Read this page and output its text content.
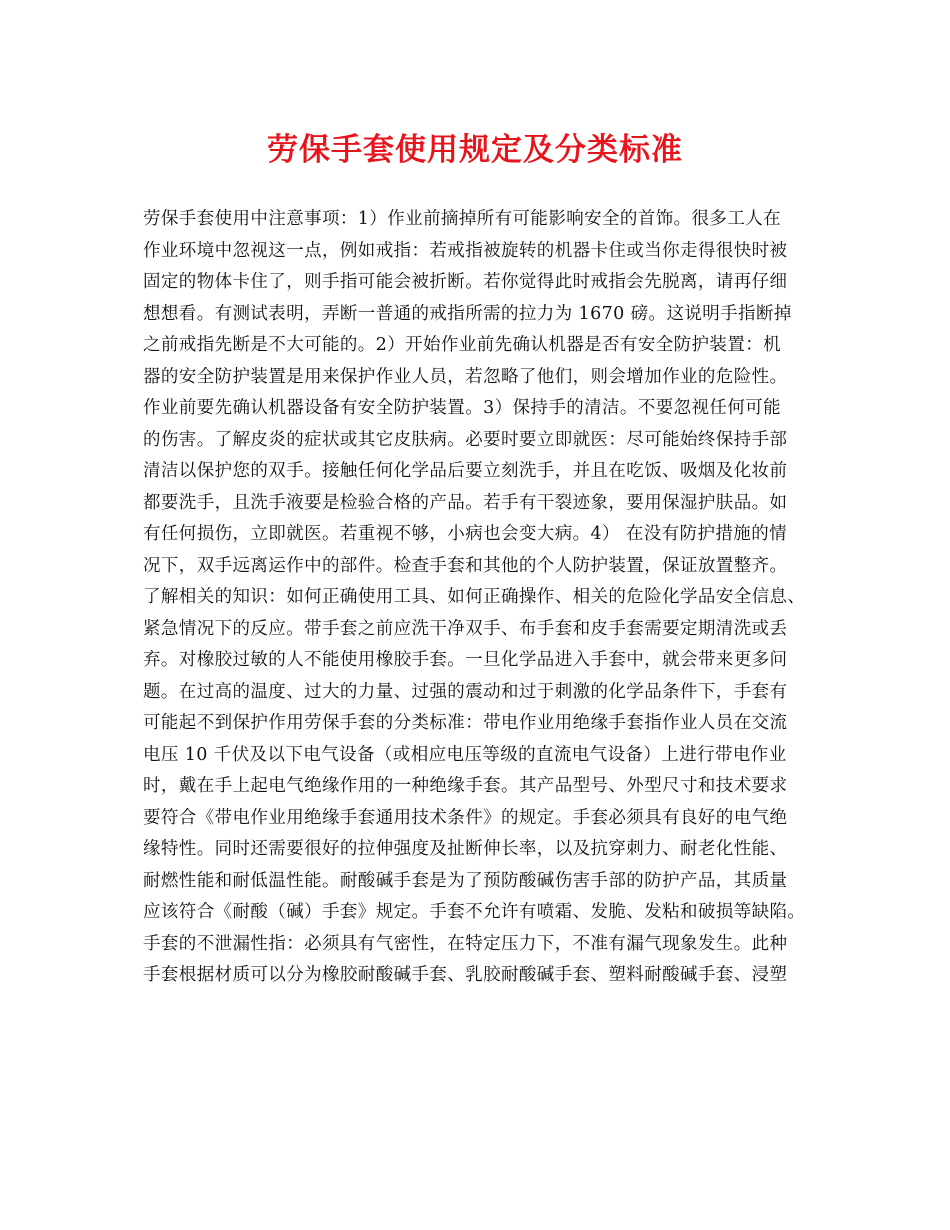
劳保手套使用规定及分类标准
劳保手套使用中注意事项：1）作业前摘掉所有可能影响安全的首饰。很多工人在
作业环境中忽视这一点，例如戒指：若戒指被旋转的机器卡住或当你走得很快时被
固定的物体卡住了，则手指可能会被折断。若你觉得此时戒指会先脱离，请再仔细
想想看。有测试表明，弄断一普通的戒指所需的拉力为 1670 磅。这说明手指断掉
之前戒指先断是不大可能的。2）开始作业前先确认机器是否有安全防护装置：机
器的安全防护装置是用来保护作业人员，若忽略了他们，则会增加作业的危险性。
作业前要先确认机器设备有安全防护装置。3）保持手的清洁。不要忽视任何可能
的伤害。了解皮炎的症状或其它皮肤病。必要时要立即就医：尽可能始终保持手部
清洁以保护您的双手。接触任何化学品后要立刻洗手，并且在吃饭、吸烟及化妆前
都要洗手，且洗手液要是检验合格的产品。若手有干裂迹象，要用保湿护肤品。如
有任何损伤，立即就医。若重视不够，小病也会变大病。4） 在没有防护措施的情
况下，双手远离运作中的部件。检查手套和其他的个人防护装置，保证放置整齐。
了解相关的知识：如何正确使用工具、如何正确操作、相关的危险化学品安全信息、
紧急情况下的反应。带手套之前应洗干净双手、布手套和皮手套需要定期清洗或丢
弃。对橡胶过敏的人不能使用橡胶手套。一旦化学品进入手套中，就会带来更多问
题。在过高的温度、过大的力量、过强的震动和过于刺激的化学品条件下，手套有
可能起不到保护作用劳保手套的分类标准：带电作业用绝缘手套指作业人员在交流
电压 10 千伏及以下电气设备（或相应电压等级的直流电气设备）上进行带电作业
时，戴在手上起电气绝缘作用的一种绝缘手套。其产品型号、外型尺寸和技术要求
要符合《带电作业用绝缘手套通用技术条件》的规定。手套必须具有良好的电气绝
缘特性。同时还需要很好的拉伸强度及扯断伸长率，以及抗穿刺力、耐老化性能、
耐燃性能和耐低温性能。耐酸碱手套是为了预防酸碱伤害手部的防护产品，其质量
应该符合《耐酸（碱）手套》规定。手套不允许有喷霜、发脆、发粘和破损等缺陷。
手套的不泄漏性指：必须具有气密性，在特定压力下，不准有漏气现象发生。此种
手套根据材质可以分为橡胶耐酸碱手套、乳胶耐酸碱手套、塑料耐酸碱手套、浸塑
